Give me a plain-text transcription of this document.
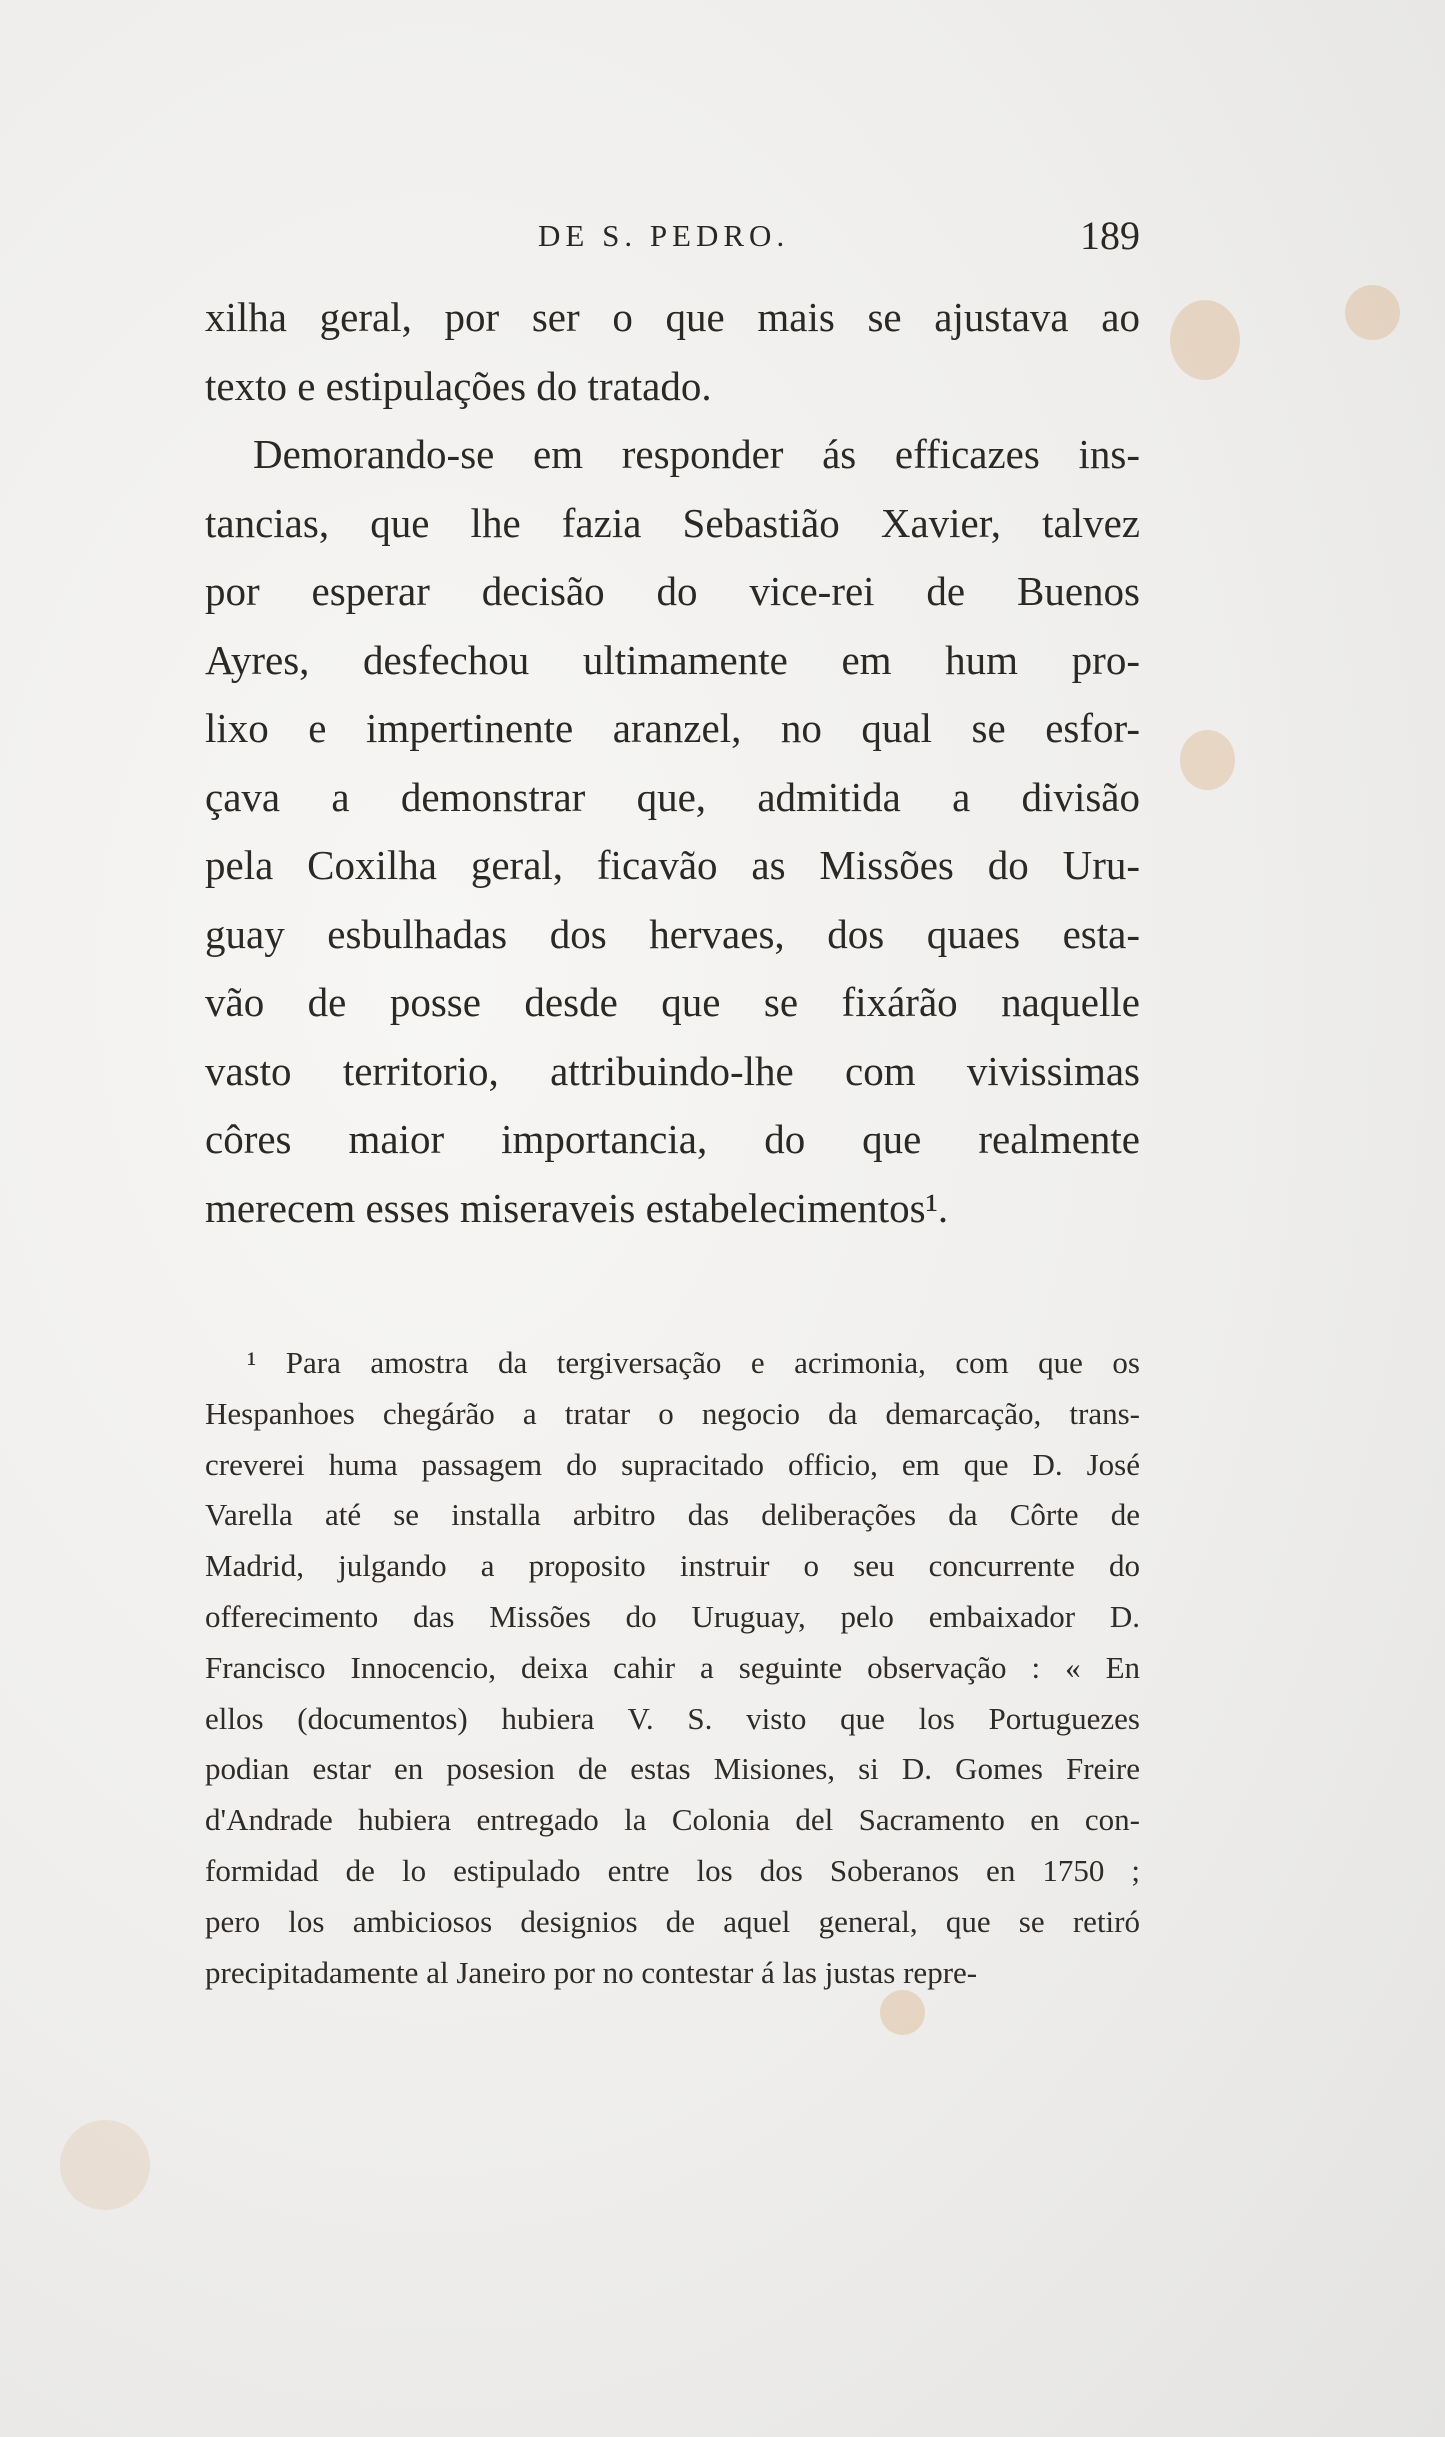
DE S. PEDRO.	189
xilha geral, por ser o que mais se ajustava ao
texto e estipulações do tratado.
Demorando-se em responder ás efficazes ins-
tancias, que lhe fazia Sebastião Xavier, talvez
por esperar decisão do vice-rei de Buenos
Ayres, desfechou ultimamente em hum pro-
lixo e impertinente aranzel, no qual se esfor-
çava a demonstrar que, admitida a divisão
pela Coxilha geral, ficavão as Missões do Uru-
guay esbulhadas dos hervaes, dos quaes esta-
vão de posse desde que se fixárão naquelle
vasto territorio, attribuindo-lhe com vivissimas
côres maior importancia, do que realmente
merecem esses miseraveis estabelecimentos¹.
¹ Para amostra da tergiversação e acrimonia, com que os
Hespanhoes chegárão a tratar o negocio da demarcação, trans-
creverei huma passagem do supracitado officio, em que D. José
Varella até se installa arbitro das deliberações da Côrte de
Madrid, julgando a proposito instruir o seu concurrente do
offerecimento das Missões do Uruguay, pelo embaixador D.
Francisco Innocencio, deixa cahir a seguinte observação : « En
ellos (documentos) hubiera V. S. visto que los Portuguezes
podian estar en posesion de estas Misiones, si D. Gomes Freire
d'Andrade hubiera entregado la Colonia del Sacramento en con-
formidad de lo estipulado entre los dos Soberanos en 1750 ;
pero los ambiciosos designios de aquel general, que se retiró
precipitadamente al Janeiro por no contestar á las justas repre-
